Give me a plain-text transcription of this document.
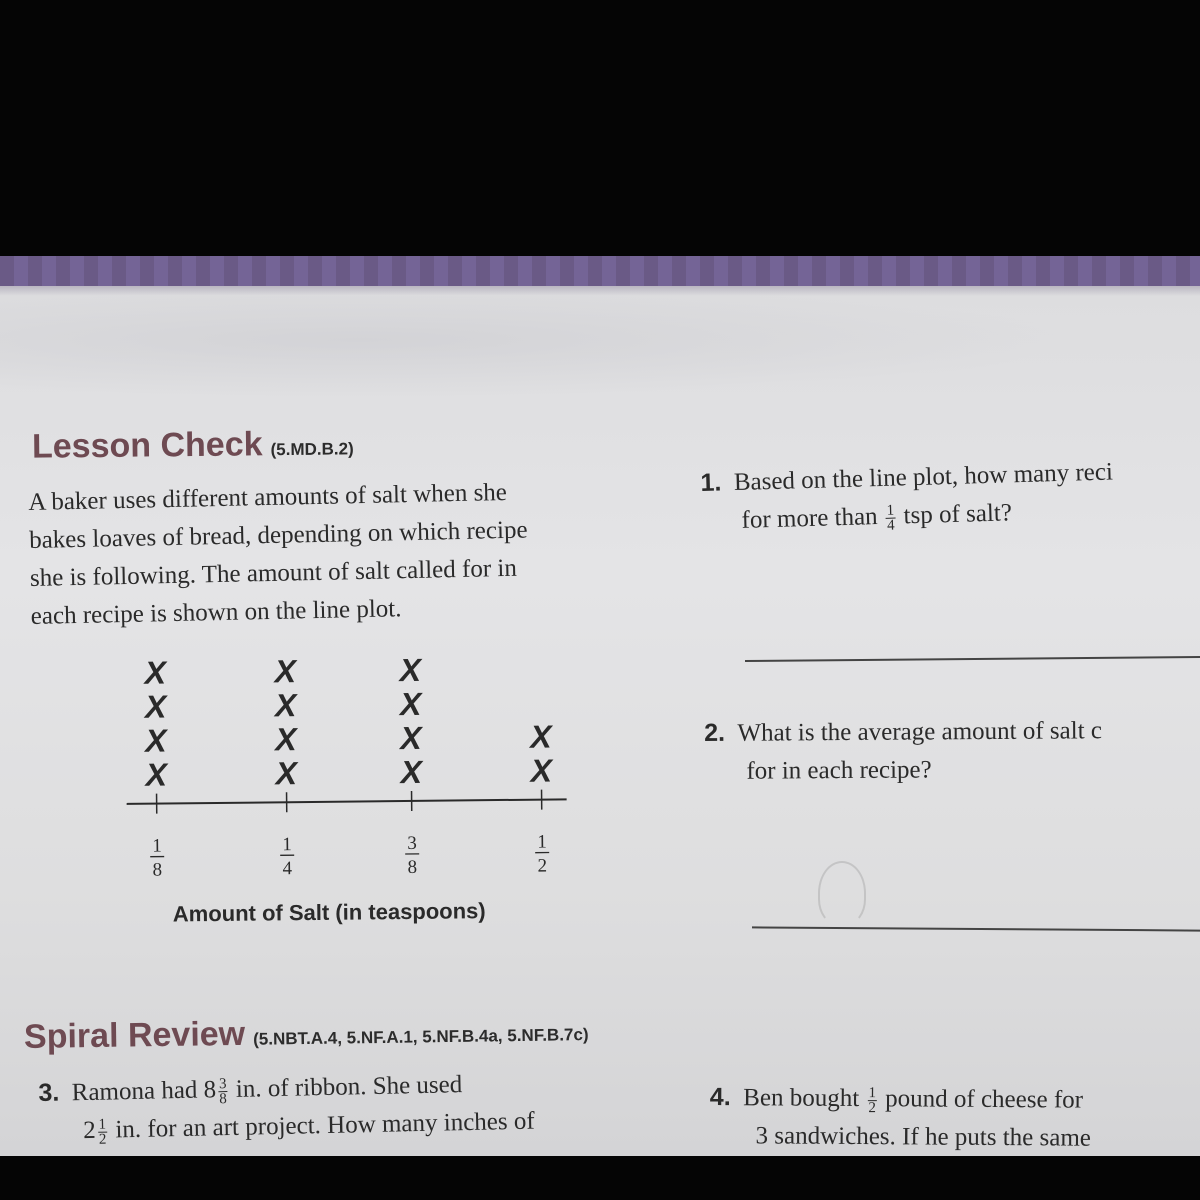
Lesson Check (5.MD.B.2)
A baker uses different amounts of salt when she
bakes loaves of bread, depending on which recipe
she is following. The amount of salt called for in
each recipe is shown on the line plot.
X
X
X
X
1
8
X
X
X
X
1
4
X
X
X
X
3
8
X
X
1
2
Amount of Salt (in teaspoons)
1. Based on the line plot, how many reci
for more than $\frac{1}{4}$ tsp of salt?
2. What is the average amount of salt c
for in each recipe?
Spiral Review (5.NBT.A.4, 5.NF.A.1, 5.NF.B.4a, 5.NF.B.7c)
3. Ramona had $8 \frac{3}{8}$ in. of ribbon. She used
$2 \frac{1}{2}$ in. for an art project. How many inches of
4. Ben bought $\frac{1}{2}$ pound of cheese for
3 sandwiches. If he puts the same
